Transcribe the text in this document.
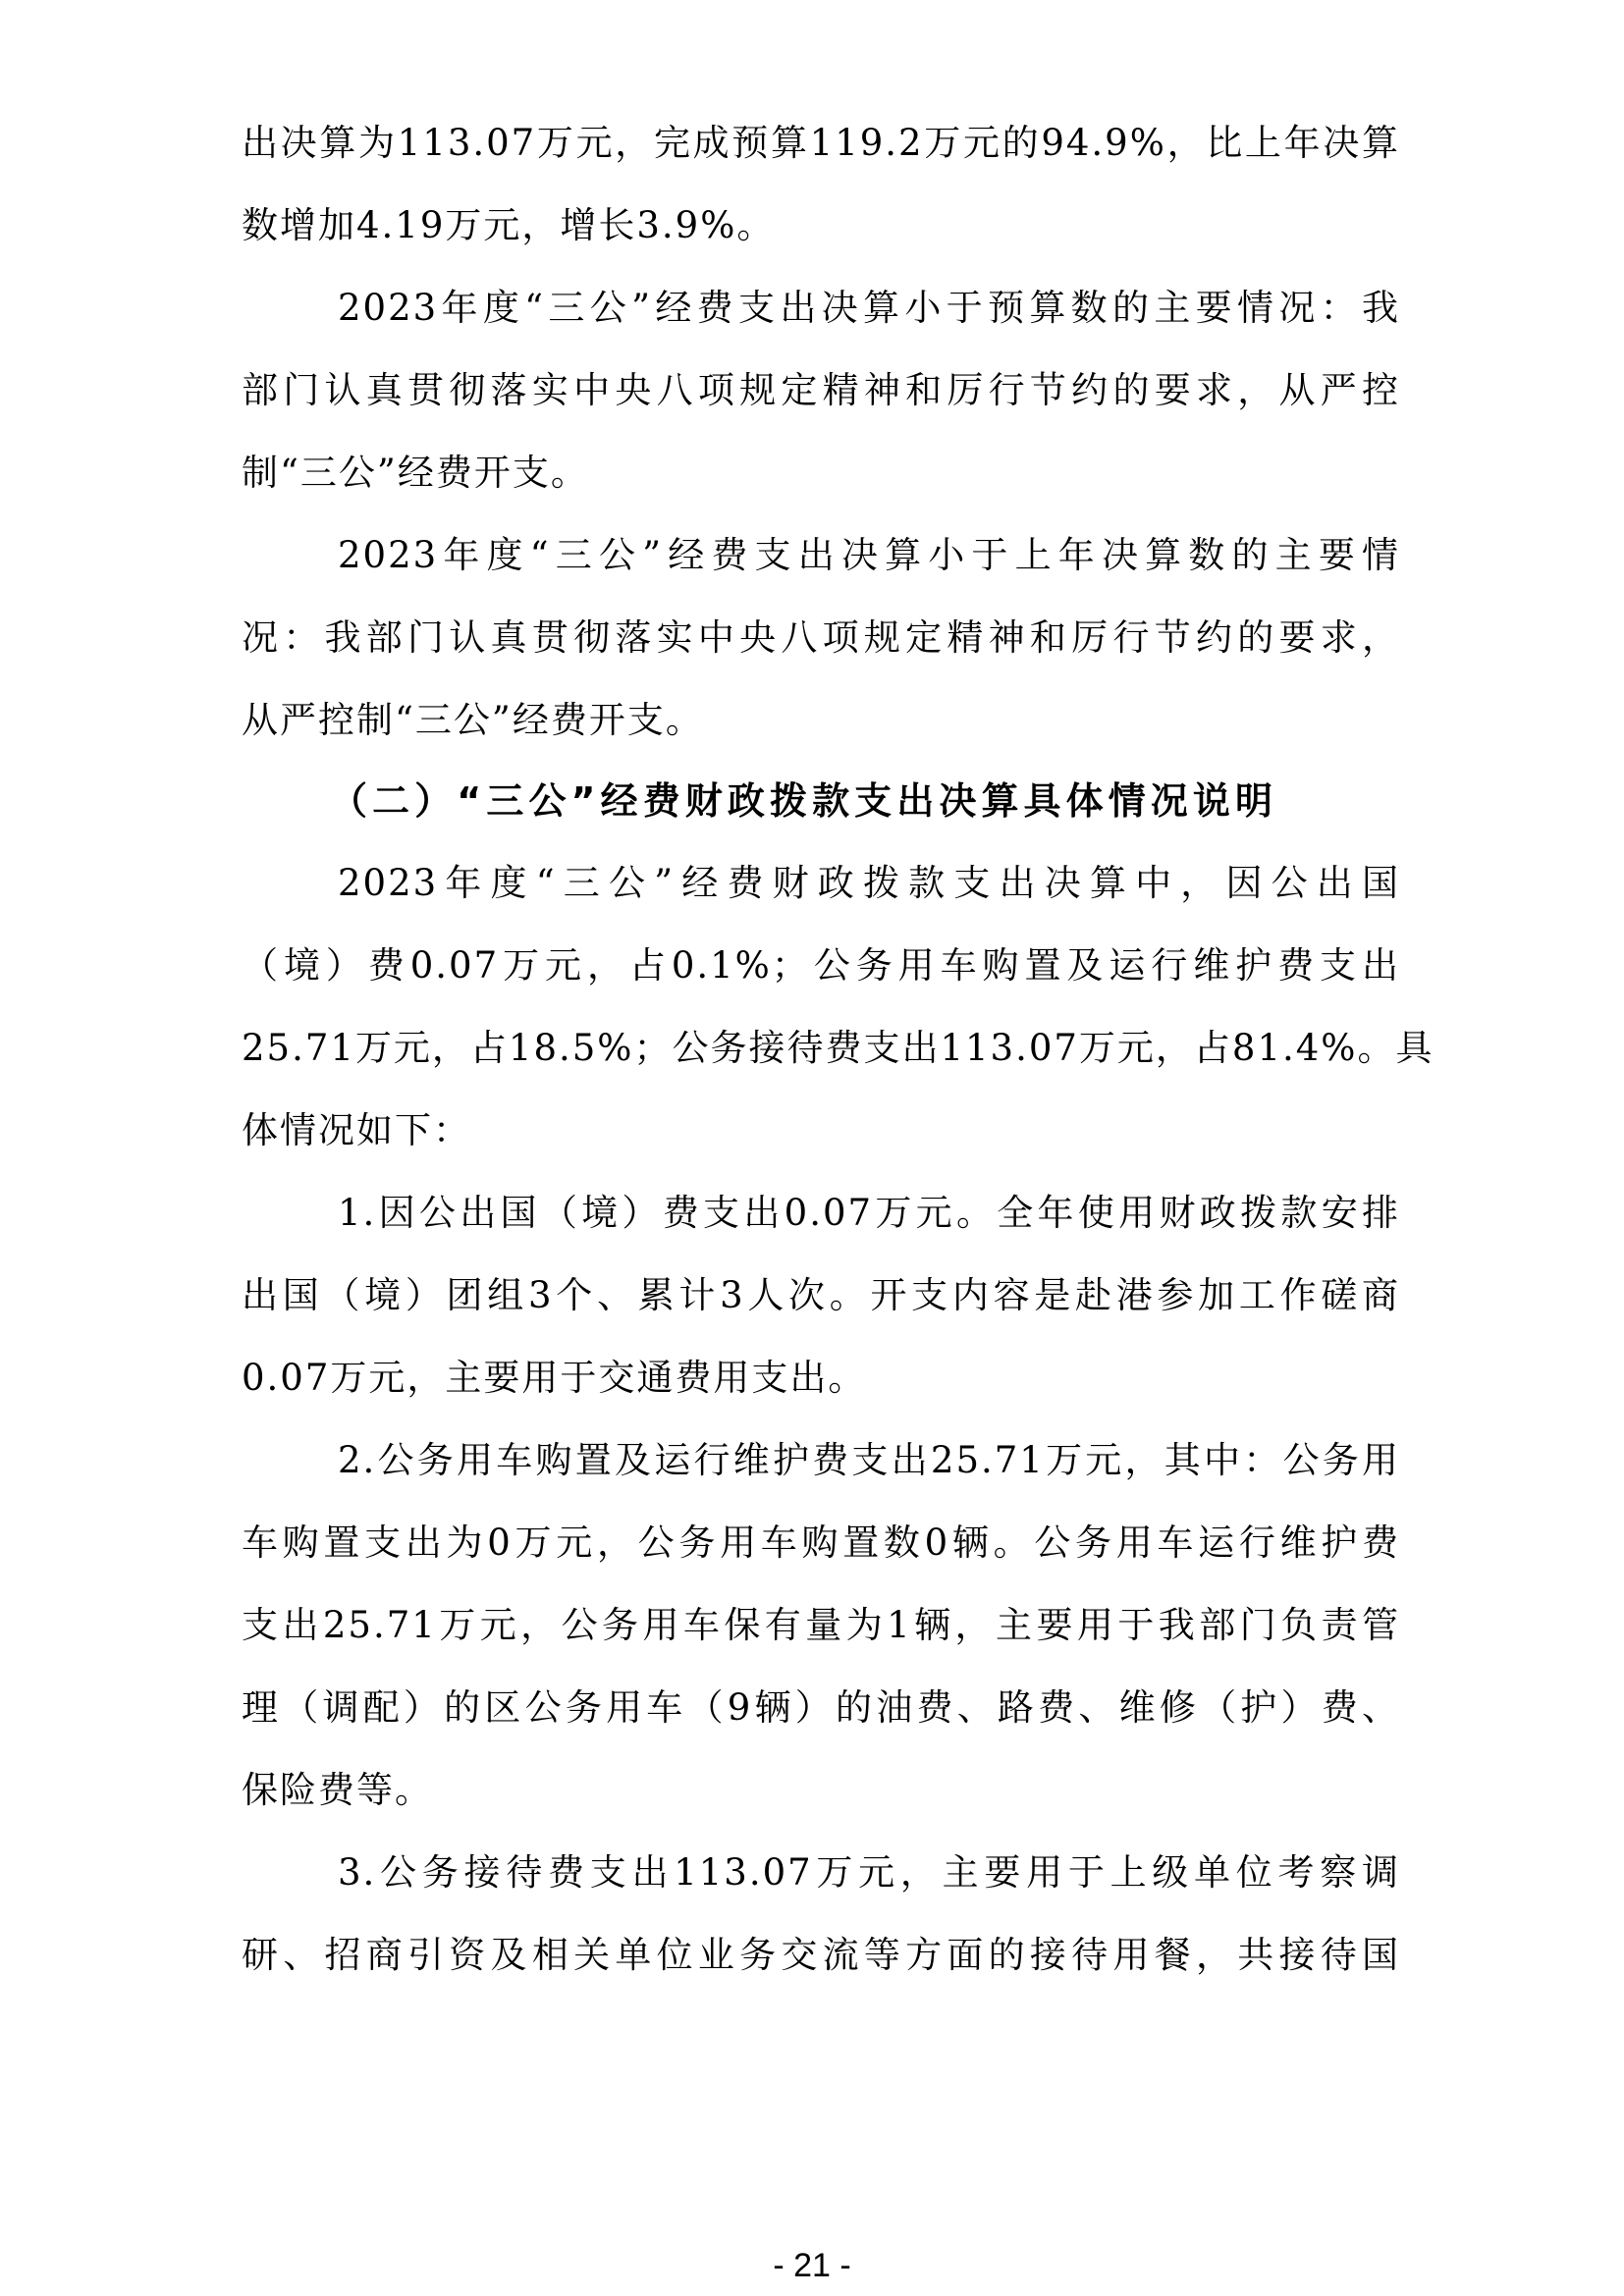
出决算为113.07万元，完成预算119.2万元的94.9%，比上年决算
数增加4.19万元，增长3.9%。
2023年度“三公”经费支出决算小于预算数的主要情况：我
部门认真贯彻落实中央八项规定精神和厉行节约的要求，从严控
制“三公”经费开支。
2023年度“三公”经费支出决算小于上年决算数的主要情
况：我部门认真贯彻落实中央八项规定精神和厉行节约的要求，
从严控制“三公”经费开支。
（二）“三公”经费财政拨款支出决算具体情况说明
2023年度“三公”经费财政拨款支出决算中，因公出国
（境）费0.07万元，占0.1%；公务用车购置及运行维护费支出
25.71万元，占18.5%；公务接待费支出113.07万元，占81.4%。具
体情况如下：
1.因公出国（境）费支出0.07万元。全年使用财政拨款安排
出国（境）团组3个、累计3人次。开支内容是赴港参加工作磋商
0.07万元，主要用于交通费用支出。
2.公务用车购置及运行维护费支出25.71万元，其中：公务用
车购置支出为0万元，公务用车购置数0辆。公务用车运行维护费
支出25.71万元，公务用车保有量为1辆，主要用于我部门负责管
理（调配）的区公务用车（9辆）的油费、路费、维修（护）费、
保险费等。
3.公务接待费支出113.07万元，主要用于上级单位考察调
研、招商引资及相关单位业务交流等方面的接待用餐，共接待国
- 21 -
